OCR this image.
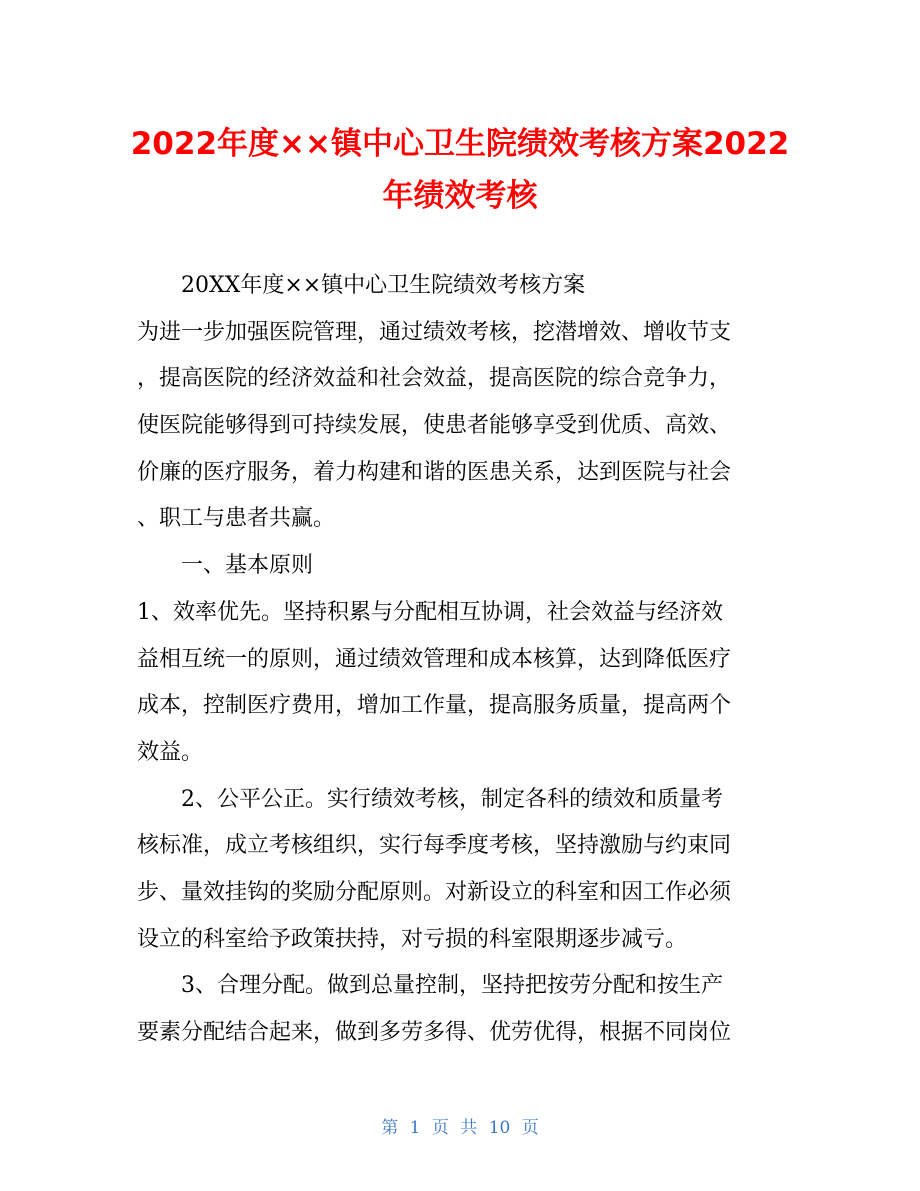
2022年度××镇中心卫生院绩效考核方案2022
年绩效考核
20XX年度××镇中心卫生院绩效考核方案
为进一步加强医院管理，通过绩效考核，挖潜增效、增收节支
，提高医院的经济效益和社会效益，提高医院的综合竞争力，
使医院能够得到可持续发展，使患者能够享受到优质、高效、
价廉的医疗服务，着力构建和谐的医患关系，达到医院与社会
、职工与患者共赢。
一、基本原则
1、效率优先。坚持积累与分配相互协调，社会效益与经济效
益相互统一的原则，通过绩效管理和成本核算，达到降低医疗
成本，控制医疗费用，增加工作量，提高服务质量，提高两个
效益。
2、公平公正。实行绩效考核，制定各科的绩效和质量考
核标准，成立考核组织，实行每季度考核，坚持激励与约束同
步、量效挂钩的奖励分配原则。对新设立的科室和因工作必须
设立的科室给予政策扶持，对亏损的科室限期逐步减亏。
3、合理分配。做到总量控制，坚持把按劳分配和按生产
要素分配结合起来，做到多劳多得、优劳优得，根据不同岗位
第 1 页 共 10 页
